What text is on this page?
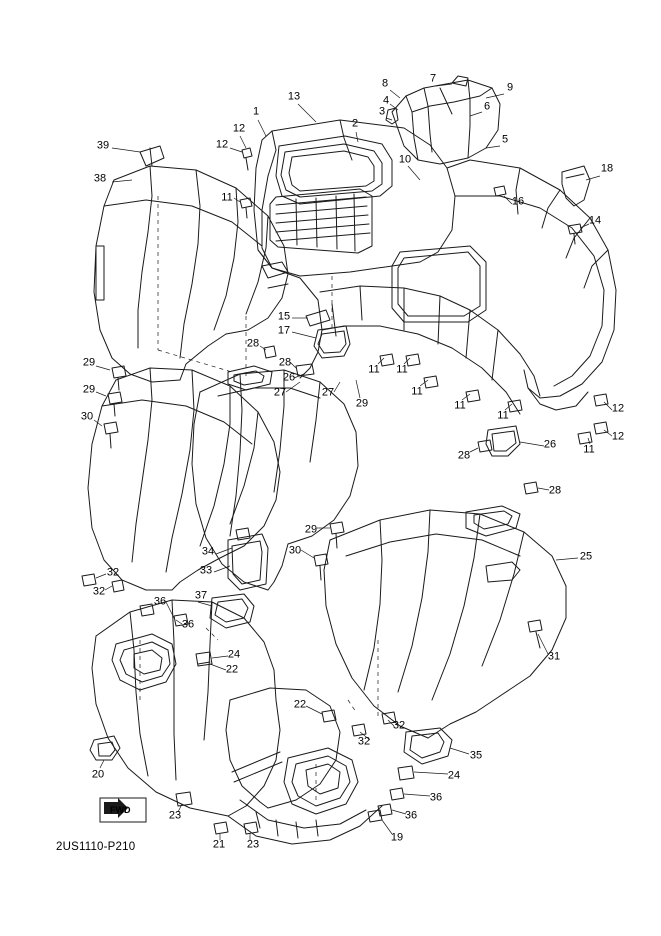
39
38
12
12
11
1
13
2
3
4
8	7
9
6
5
10
16
18
14
15
17
28
28
26
27	27
29
11 11
11
11
11
11
12
12
26
28
28
29
29
30
29
30
34
33
25
32
32
36	37
36
24
22
31
22
32
32
35
24
36
36
20
23
21 23
19
FWD
2US1110-P210
